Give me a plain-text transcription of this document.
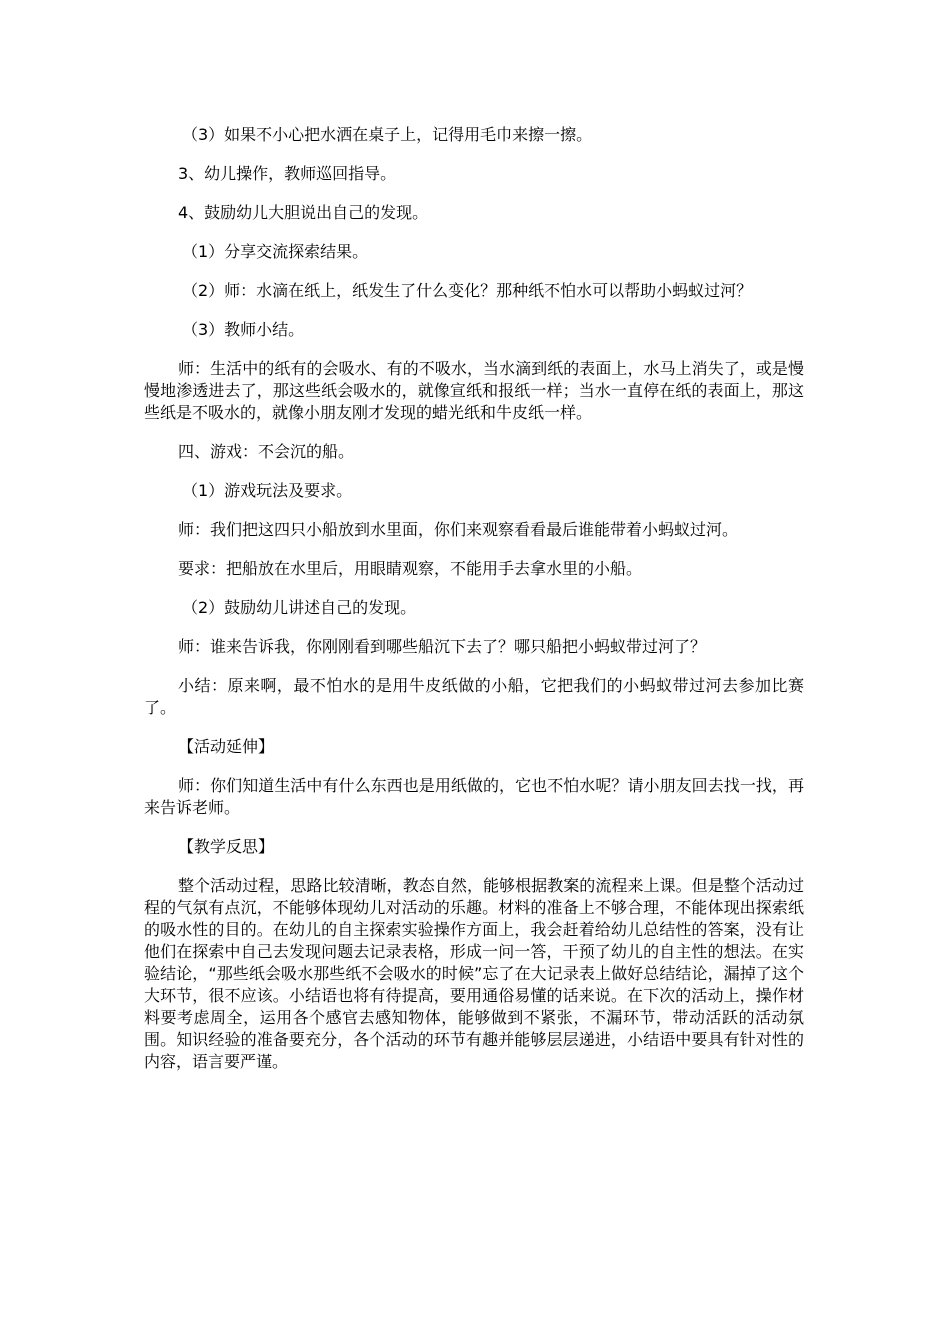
（3）如果不小心把水洒在桌子上，记得用毛巾来擦一擦。

3、幼儿操作，教师巡回指导。

4、鼓励幼儿大胆说出自己的发现。

（1）分享交流探索结果。

（2）师：水滴在纸上，纸发生了什么变化？那种纸不怕水可以帮助小蚂蚁过河？

（3）教师小结。

师：生活中的纸有的会吸水、有的不吸水，当水滴到纸的表面上，水马上消失了，或是慢慢地渗透进去了，那这些纸会吸水的，就像宣纸和报纸一样；当水一直停在纸的表面上，那这些纸是不吸水的，就像小朋友刚才发现的蜡光纸和牛皮纸一样。

四、游戏：不会沉的船。

（1）游戏玩法及要求。

师：我们把这四只小船放到水里面，你们来观察看看最后谁能带着小蚂蚁过河。

要求：把船放在水里后，用眼睛观察，不能用手去拿水里的小船。

（2）鼓励幼儿讲述自己的发现。

师：谁来告诉我，你刚刚看到哪些船沉下去了？哪只船把小蚂蚁带过河了？

小结：原来啊，最不怕水的是用牛皮纸做的小船，它把我们的小蚂蚁带过河去参加比赛了。

【活动延伸】

师：你们知道生活中有什么东西也是用纸做的，它也不怕水呢？请小朋友回去找一找，再来告诉老师。

【教学反思】

整个活动过程，思路比较清晰，教态自然，能够根据教案的流程来上课。但是整个活动过程的气氛有点沉，不能够体现幼儿对活动的乐趣。材料的准备上不够合理，不能体现出探索纸的吸水性的目的。在幼儿的自主探索实验操作方面上，我会赶着给幼儿总结性的答案，没有让他们在探索中自己去发现问题去记录表格，形成一问一答，干预了幼儿的自主性的想法。在实验结论，“那些纸会吸水那些纸不会吸水的时候”忘了在大记录表上做好总结结论，漏掉了这个大环节，很不应该。小结语也将有待提高，要用通俗易懂的话来说。在下次的活动上，操作材料要考虑周全，运用各个感官去感知物体，能够做到不紧张，不漏环节，带动活跃的活动氛围。知识经验的准备要充分，各个活动的环节有趣并能够层层递进，小结语中要具有针对性的内容，语言要严谨。
